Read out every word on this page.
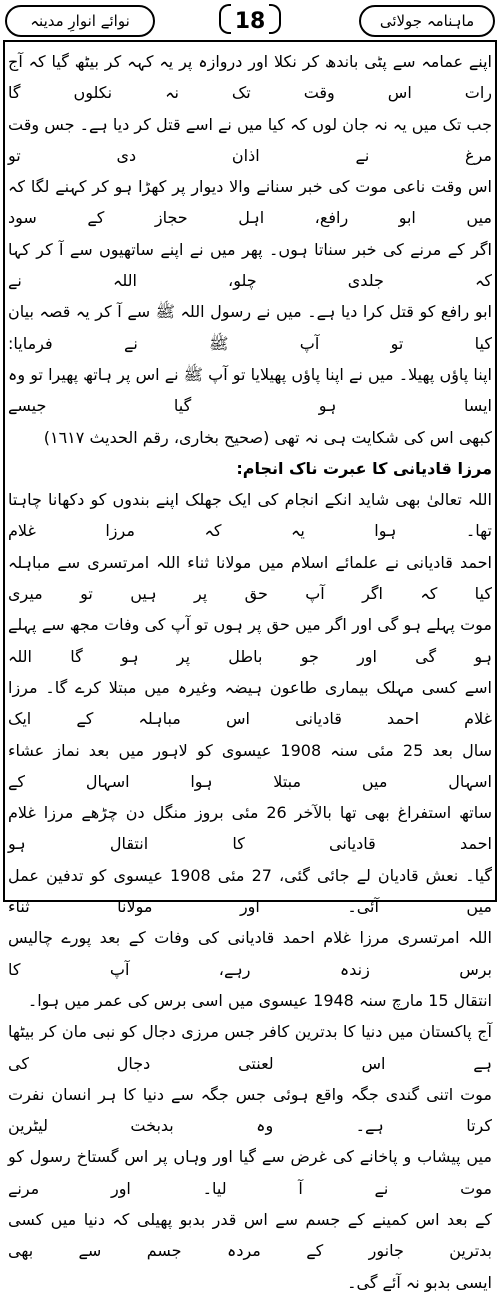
ماہنامہ جولائی
18
نوائے انوارِ مدینہ

اپنے عمامہ سے پٹی باندھ کر نکلا اور دروازہ پر یہ کہہ کر بیٹھ گیا کہ آج رات اس وقت تک نہ نکلوں گا
جب تک میں یہ نہ جان لوں کہ کیا میں نے اسے قتل کر دیا ہے۔ جس وقت مرغ نے اذان دی تو
اس وقت ناعی موت کی خبر سنانے والا دیوار پر کھڑا ہو کر کہنے لگا کہ میں ابو رافع، اہل حجاز کے سود
اگر کے مرنے کی خبر سناتا ہوں۔ پھر میں نے اپنے ساتھیوں سے آ کر کہا کہ جلدی چلو، اللہ نے
ابو رافع کو قتل کرا دیا ہے۔ میں نے رسول اللہ ﷺ سے آ کر یہ قصہ بیان کیا تو آپ ﷺ نے فرمایا:
اپنا پاؤں پھیلا۔ میں نے اپنا پاؤں پھیلایا تو آپ ﷺ نے اس پر ہاتھ پھیرا تو وہ ایسا ہو گیا جیسے
کبھی اس کی شکایت ہی نہ تھی (صحیح بخاری، رقم الحدیث ١٦١٧)

مرزا قادیانی کا عبرت ناک انجام:

اللہ تعالیٰ بھی شاید انکے انجام کی ایک جھلک اپنے بندوں کو دکھانا چاہتا تھا۔ ہوا یہ کہ مرزا غلام
احمد قادیانی نے علمائے اسلام میں مولانا ثناء اللہ امرتسری سے مباہلہ کیا کہ اگر آپ حق پر ہیں تو میری
موت پہلے ہو گی اور اگر میں حق پر ہوں تو آپ کی وفات مجھ سے پہلے ہو گی اور جو باطل پر ہو گا اللہ
اسے کسی مہلک بیماری طاعون ہیضہ وغیرہ میں مبتلا کرے گا۔ مرزا غلام احمد قادیانی اس مباہلہ کے ایک
سال بعد 25 مئی سنہ 1908 عیسوی کو لاہور میں بعد نماز عشاء اسہال میں مبتلا ہوا اسہال کے
ساتھ استفراغ بھی تھا بالآخر 26 مئی بروز منگل دن چڑھے مرزا غلام احمد قادیانی کا انتقال ہو
گیا۔ نعش قادیان لے جائی گئی، 27 مئی 1908 عیسوی کو تدفین عمل میں آئی۔ اور مولانا ثناء
اللہ امرتسری مرزا غلام احمد قادیانی کی وفات کے بعد پورے چالیس برس زندہ رہے، آپ کا
انتقال 15 مارچ سنہ 1948 عیسوی میں اسی برس کی عمر میں ہوا۔

آج پاکستان میں دنیا کا بدترین کافر جس مرزی دجال کو نبی مان کر بیٹھا ہے اس لعنتی دجال کی
موت اتنی گندی جگہ واقع ہوئی جس جگہ سے دنیا کا ہر انسان نفرت کرتا ہے۔ وہ بدبخت لیٹرین
میں پیشاب و پاخانے کی غرض سے گیا اور وہاں پر اس گستاخ رسول کو موت نے آ لیا۔ اور مرنے
کے بعد اس کمینے کے جسم سے اس قدر بدبو پھیلی کہ دنیا میں کسی بدترین جانور کے مردہ جسم سے بھی
ایسی بدبو نہ آئے گی۔
